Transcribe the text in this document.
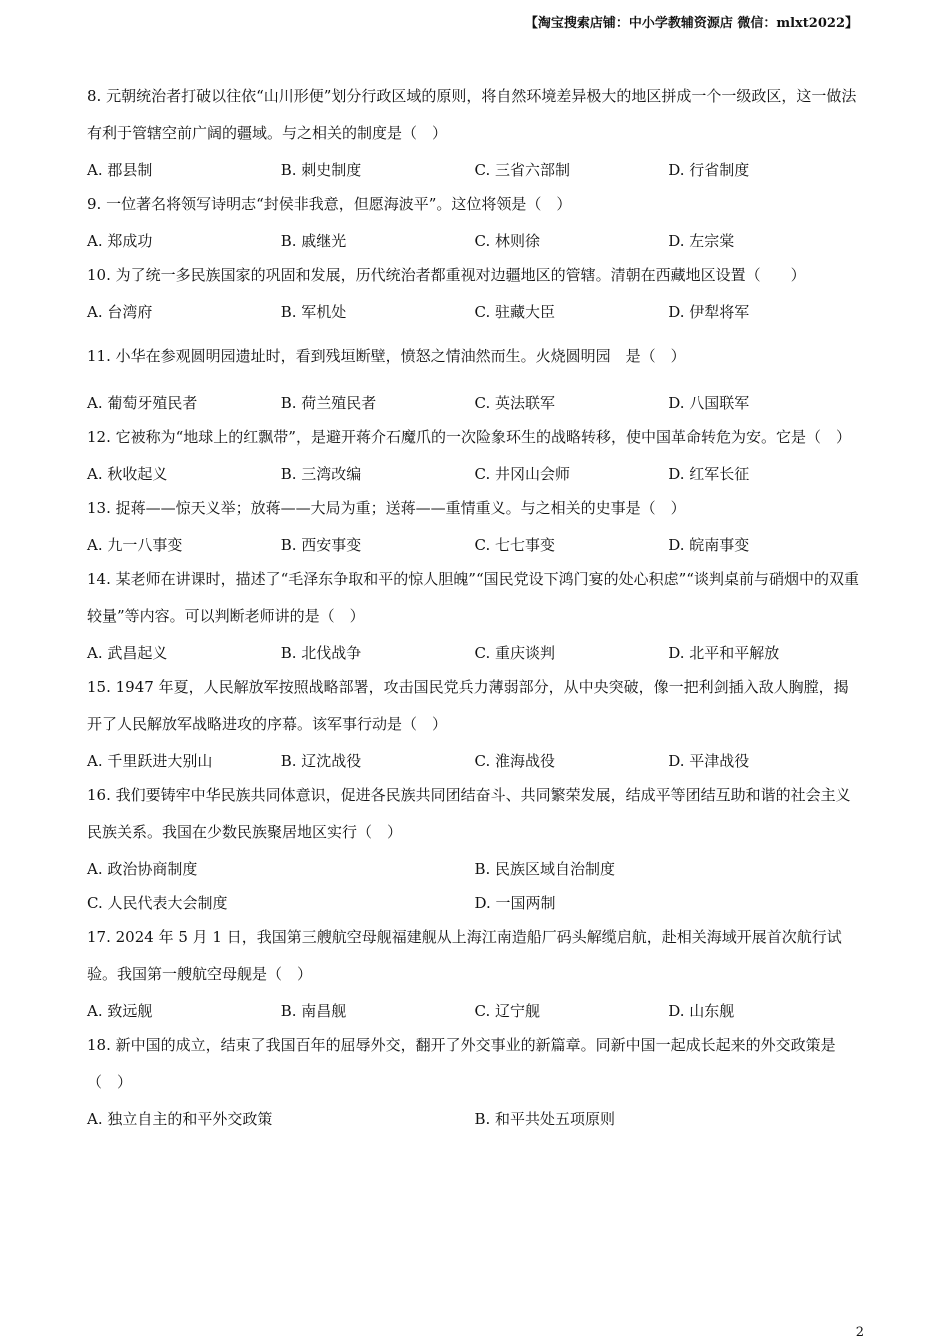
【淘宝搜索店铺：中小学教辅资源店 微信：mlxt2022】

8. 元朝统治者打破以往依“山川形便”划分行政区域的原则，将自然环境差异极大的地区拼成一个一级政区，这一做法有利于管辖空前广阔的疆域。与之相关的制度是（　）

A. 郡县制	B. 刺史制度	C. 三省六部制	D. 行省制度

9. 一位著名将领写诗明志“封侯非我意，但愿海波平”。这位将领是（　）

A. 郑成功	B. 戚继光	C. 林则徐	D. 左宗棠

10. 为了统一多民族国家的巩固和发展，历代统治者都重视对边疆地区的管辖。清朝在西藏地区设置（　　）

A. 台湾府	B. 军机处	C. 驻藏大臣	D. 伊犁将军

11. 小华在参观圆明园遗址时，看到残垣断壁，愤怒之情油然而生。火烧圆明园　是（　）

A. 葡萄牙殖民者	B. 荷兰殖民者	C. 英法联军	D. 八国联军

12. 它被称为“地球上的红飘带”，是避开蒋介石魔爪的一次险象环生的战略转移，使中国革命转危为安。它是（　）

A. 秋收起义	B. 三湾改编	C. 井冈山会师	D. 红军长征

13. 捉蒋——惊天义举；放蒋——大局为重；送蒋——重情重义。与之相关的史事是（　）

A. 九一八事变	B. 西安事变	C. 七七事变	D. 皖南事变

14. 某老师在讲课时，描述了“毛泽东争取和平的惊人胆魄”“国民党设下鸿门宴的处心积虑”“谈判桌前与硝烟中的双重较量”等内容。可以判断老师讲的是（　）

A. 武昌起义	B. 北伐战争	C. 重庆谈判	D. 北平和平解放

15. 1947 年夏，人民解放军按照战略部署，攻击国民党兵力薄弱部分，从中央突破，像一把利剑插入敌人胸膛，揭开了人民解放军战略进攻的序幕。该军事行动是（　）

A. 千里跃进大别山	B. 辽沈战役	C. 淮海战役	D. 平津战役

16. 我们要铸牢中华民族共同体意识，促进各民族共同团结奋斗、共同繁荣发展，结成平等团结互助和谐的社会主义民族关系。我国在少数民族聚居地区实行（　）

A. 政治协商制度	B. 民族区域自治制度
C. 人民代表大会制度	D. 一国两制

17. 2024 年 5 月 1 日，我国第三艘航空母舰福建舰从上海江南造船厂码头解缆启航，赴相关海域开展首次航行试验。我国第一艘航空母舰是（　）

A. 致远舰	B. 南昌舰	C. 辽宁舰	D. 山东舰

18. 新中国的成立，结束了我国百年的屈辱外交，翻开了外交事业的新篇章。同新中国一起成长起来的外交政策是（　）

A. 独立自主的和平外交政策	B. 和平共处五项原则
2
